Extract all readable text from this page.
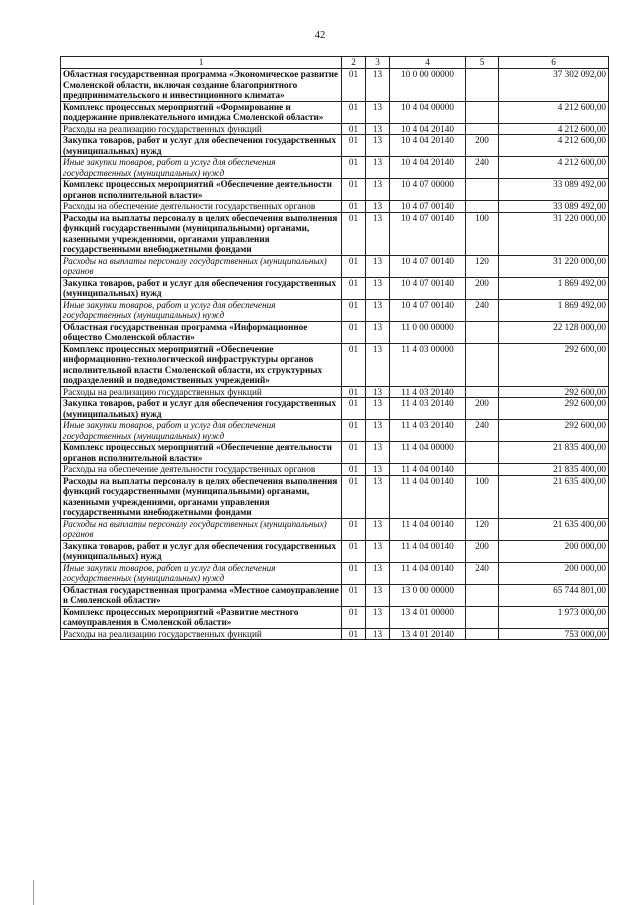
42
1	2	3	4	5	6
Областная государственная программа «Экономическое развитие Смоленской области, включая создание благоприятного предпринимательского и инвестиционного климата»	01	13	10 0 00 00000		37 302 092,00
Комплекс процессных мероприятий «Формирование и поддержание привлекательного имиджа Смоленской области»	01	13	10 4 04 00000		4 212 600,00
Расходы на реализацию государственных функций	01	13	10 4 04 20140		4 212 600,00
Закупка товаров, работ и услуг для обеспечения государственных (муниципальных) нужд	01	13	10 4 04 20140	200	4 212 600,00
Иные закупки товаров, работ и услуг для обеспечения государственных (муниципальных) нужд	01	13	10 4 04 20140	240	4 212 600,00
Комплекс процессных мероприятий «Обеспечение деятельности органов исполнительной власти»	01	13	10 4 07 00000		33 089 492,00
Расходы на обеспечение деятельности государственных органов	01	13	10 4 07 00140		33 089 492,00
Расходы на выплаты персоналу в целях обеспечения выполнения функций государственными (муниципальными) органами, казенными учреждениями, органами управления государственными внебюджетными фондами	01	13	10 4 07 00140	100	31 220 000,00
Расходы на выплаты персоналу государственных (муниципальных) органов	01	13	10 4 07 00140	120	31 220 000,00
Закупка товаров, работ и услуг для обеспечения государственных (муниципальных) нужд	01	13	10 4 07 00140	200	1 869 492,00
Иные закупки товаров, работ и услуг для обеспечения государственных (муниципальных) нужд	01	13	10 4 07 00140	240	1 869 492,00
Областная государственная программа «Информационное общество Смоленской области»	01	13	11 0 00 00000		22 128 000,00
Комплекс процессных мероприятий «Обеспечение информационно-технологической инфраструктуры органов исполнительной власти Смоленской области, их структурных подразделений и подведомственных учреждений»	01	13	11 4 03 00000		292 600,00
Расходы на реализацию государственных функций	01	13	11 4 03 20140		292 600,00
Закупка товаров, работ и услуг для обеспечения государственных (муниципальных) нужд	01	13	11 4 03 20140	200	292 600,00
Иные закупки товаров, работ и услуг для обеспечения государственных (муниципальных) нужд	01	13	11 4 03 20140	240	292 600,00
Комплекс процессных мероприятий «Обеспечение деятельности органов исполнительной власти»	01	13	11 4 04 00000		21 835 400,00
Расходы на обеспечение деятельности государственных органов	01	13	11 4 04 00140		21 835 400,00
Расходы на выплаты персоналу в целях обеспечения выполнения функций государственными (муниципальными) органами, казенными учреждениями, органами управления государственными внебюджетными фондами	01	13	11 4 04 00140	100	21 635 400,00
Расходы на выплаты персоналу государственных (муниципальных) органов	01	13	11 4 04 00140	120	21 635 400,00
Закупка товаров, работ и услуг для обеспечения государственных (муниципальных) нужд	01	13	11 4 04 00140	200	200 000,00
Иные закупки товаров, работ и услуг для обеспечения государственных (муниципальных) нужд	01	13	11 4 04 00140	240	200 000,00
Областная государственная программа «Местное самоуправление в Смоленской области»	01	13	13 0 00 00000		65 744 801,00
Комплекс процессных мероприятий «Развитие местного самоуправления в Смоленской области»	01	13	13 4 01 00000		1 973 000,00
Расходы на реализацию государственных функций	01	13	13 4 01 20140		753 000,00
